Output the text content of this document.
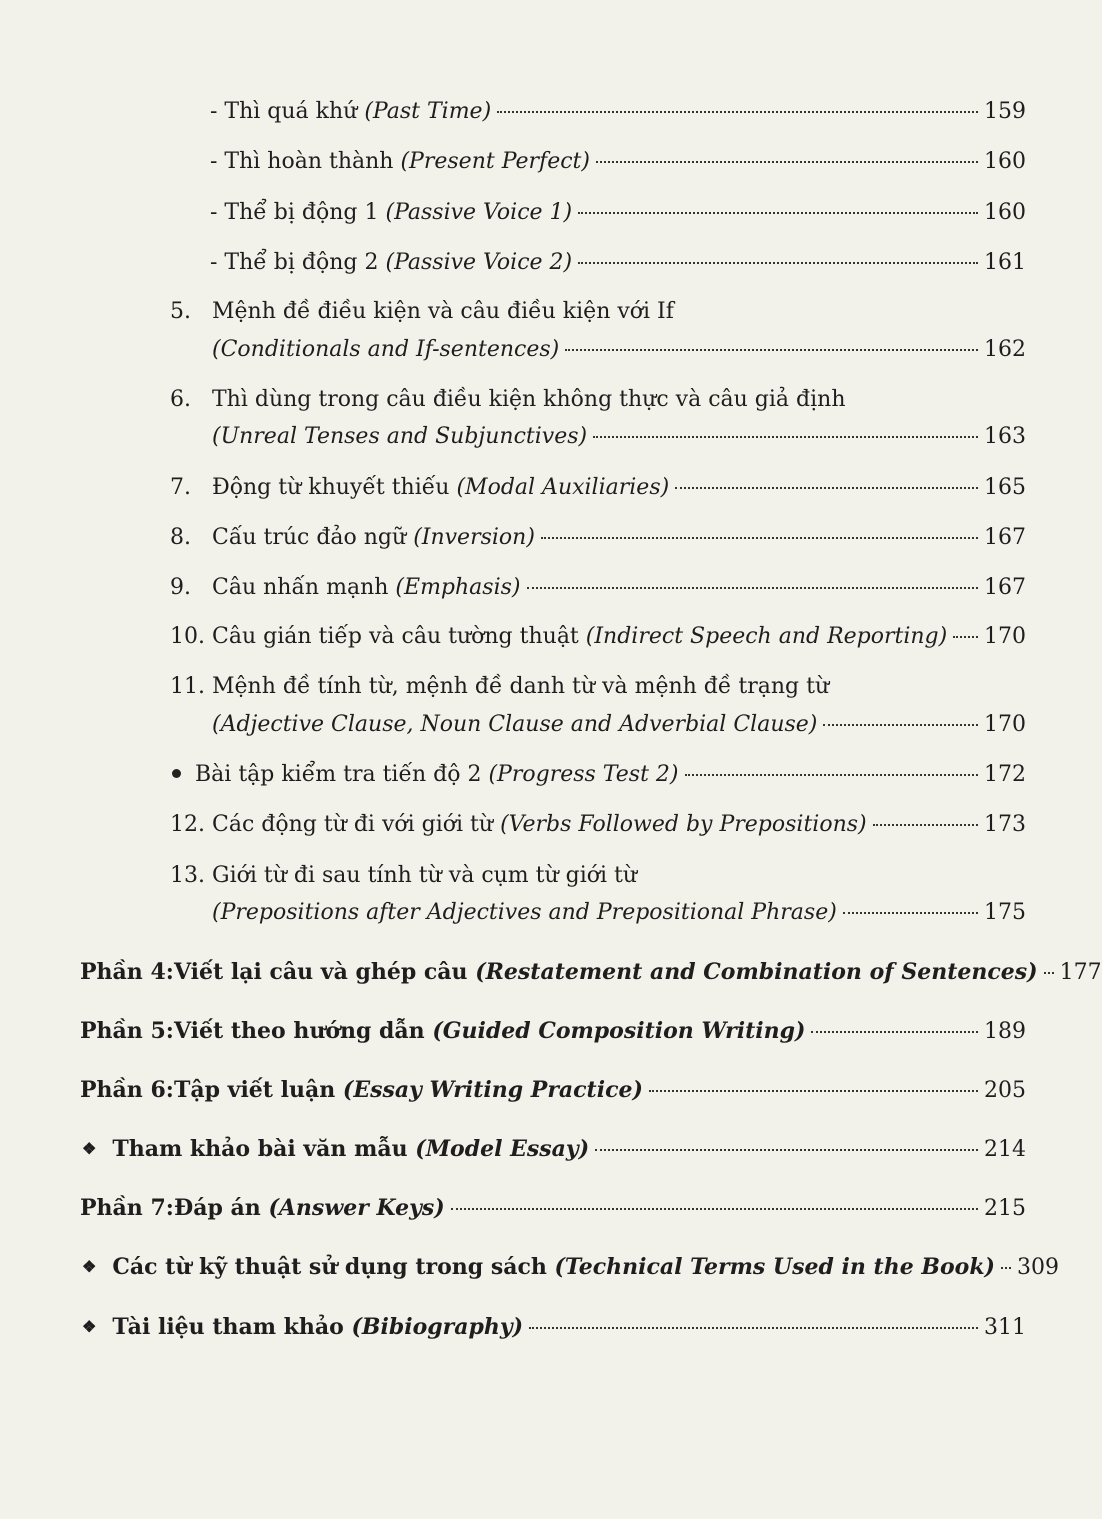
- Thì quá khứ (Past Time)	159
- Thì hoàn thành (Present Perfect)	160
- Thể bị động 1 (Passive Voice 1)	160
- Thể bị động 2 (Passive Voice 2)	161
5. Mệnh đề điều kiện và câu điều kiện với If
(Conditionals and If-sentences)	162
6. Thì dùng trong câu điều kiện không thực và câu giả định
(Unreal Tenses and Subjunctives)	163
7. Động từ khuyết thiếu (Modal Auxiliaries)	165
8. Cấu trúc đảo ngữ (Inversion)	167
9. Câu nhấn mạnh (Emphasis)	167
10. Câu gián tiếp và câu tường thuật (Indirect Speech and Reporting) 170
11. Mệnh đề tính từ, mệnh đề danh từ và mệnh đề trạng từ
(Adjective Clause, Noun Clause and Adverbial Clause)	170
Bài tập kiểm tra tiến độ 2 (Progress Test 2)	172
12. Các động từ đi với giới từ (Verbs Followed by Prepositions)	173
13. Giới từ đi sau tính từ và cụm từ giới từ
(Prepositions after Adjectives and Prepositional Phrase)	175
Phần 4:Viết lại câu và ghép câu (Restatement and Combination of Sentences) 177
Phần 5:Viết theo hướng dẫn (Guided Composition Writing)	189
Phần 6:Tập viết luận (Essay Writing Practice)	205
❖ Tham khảo bài văn mẫu (Model Essay)	214
Phần 7:Đáp án (Answer Keys)	215
❖ Các từ kỹ thuật sử dụng trong sách (Technical Terms Used in the Book) 309
❖ Tài liệu tham khảo (Bibiography)	311
